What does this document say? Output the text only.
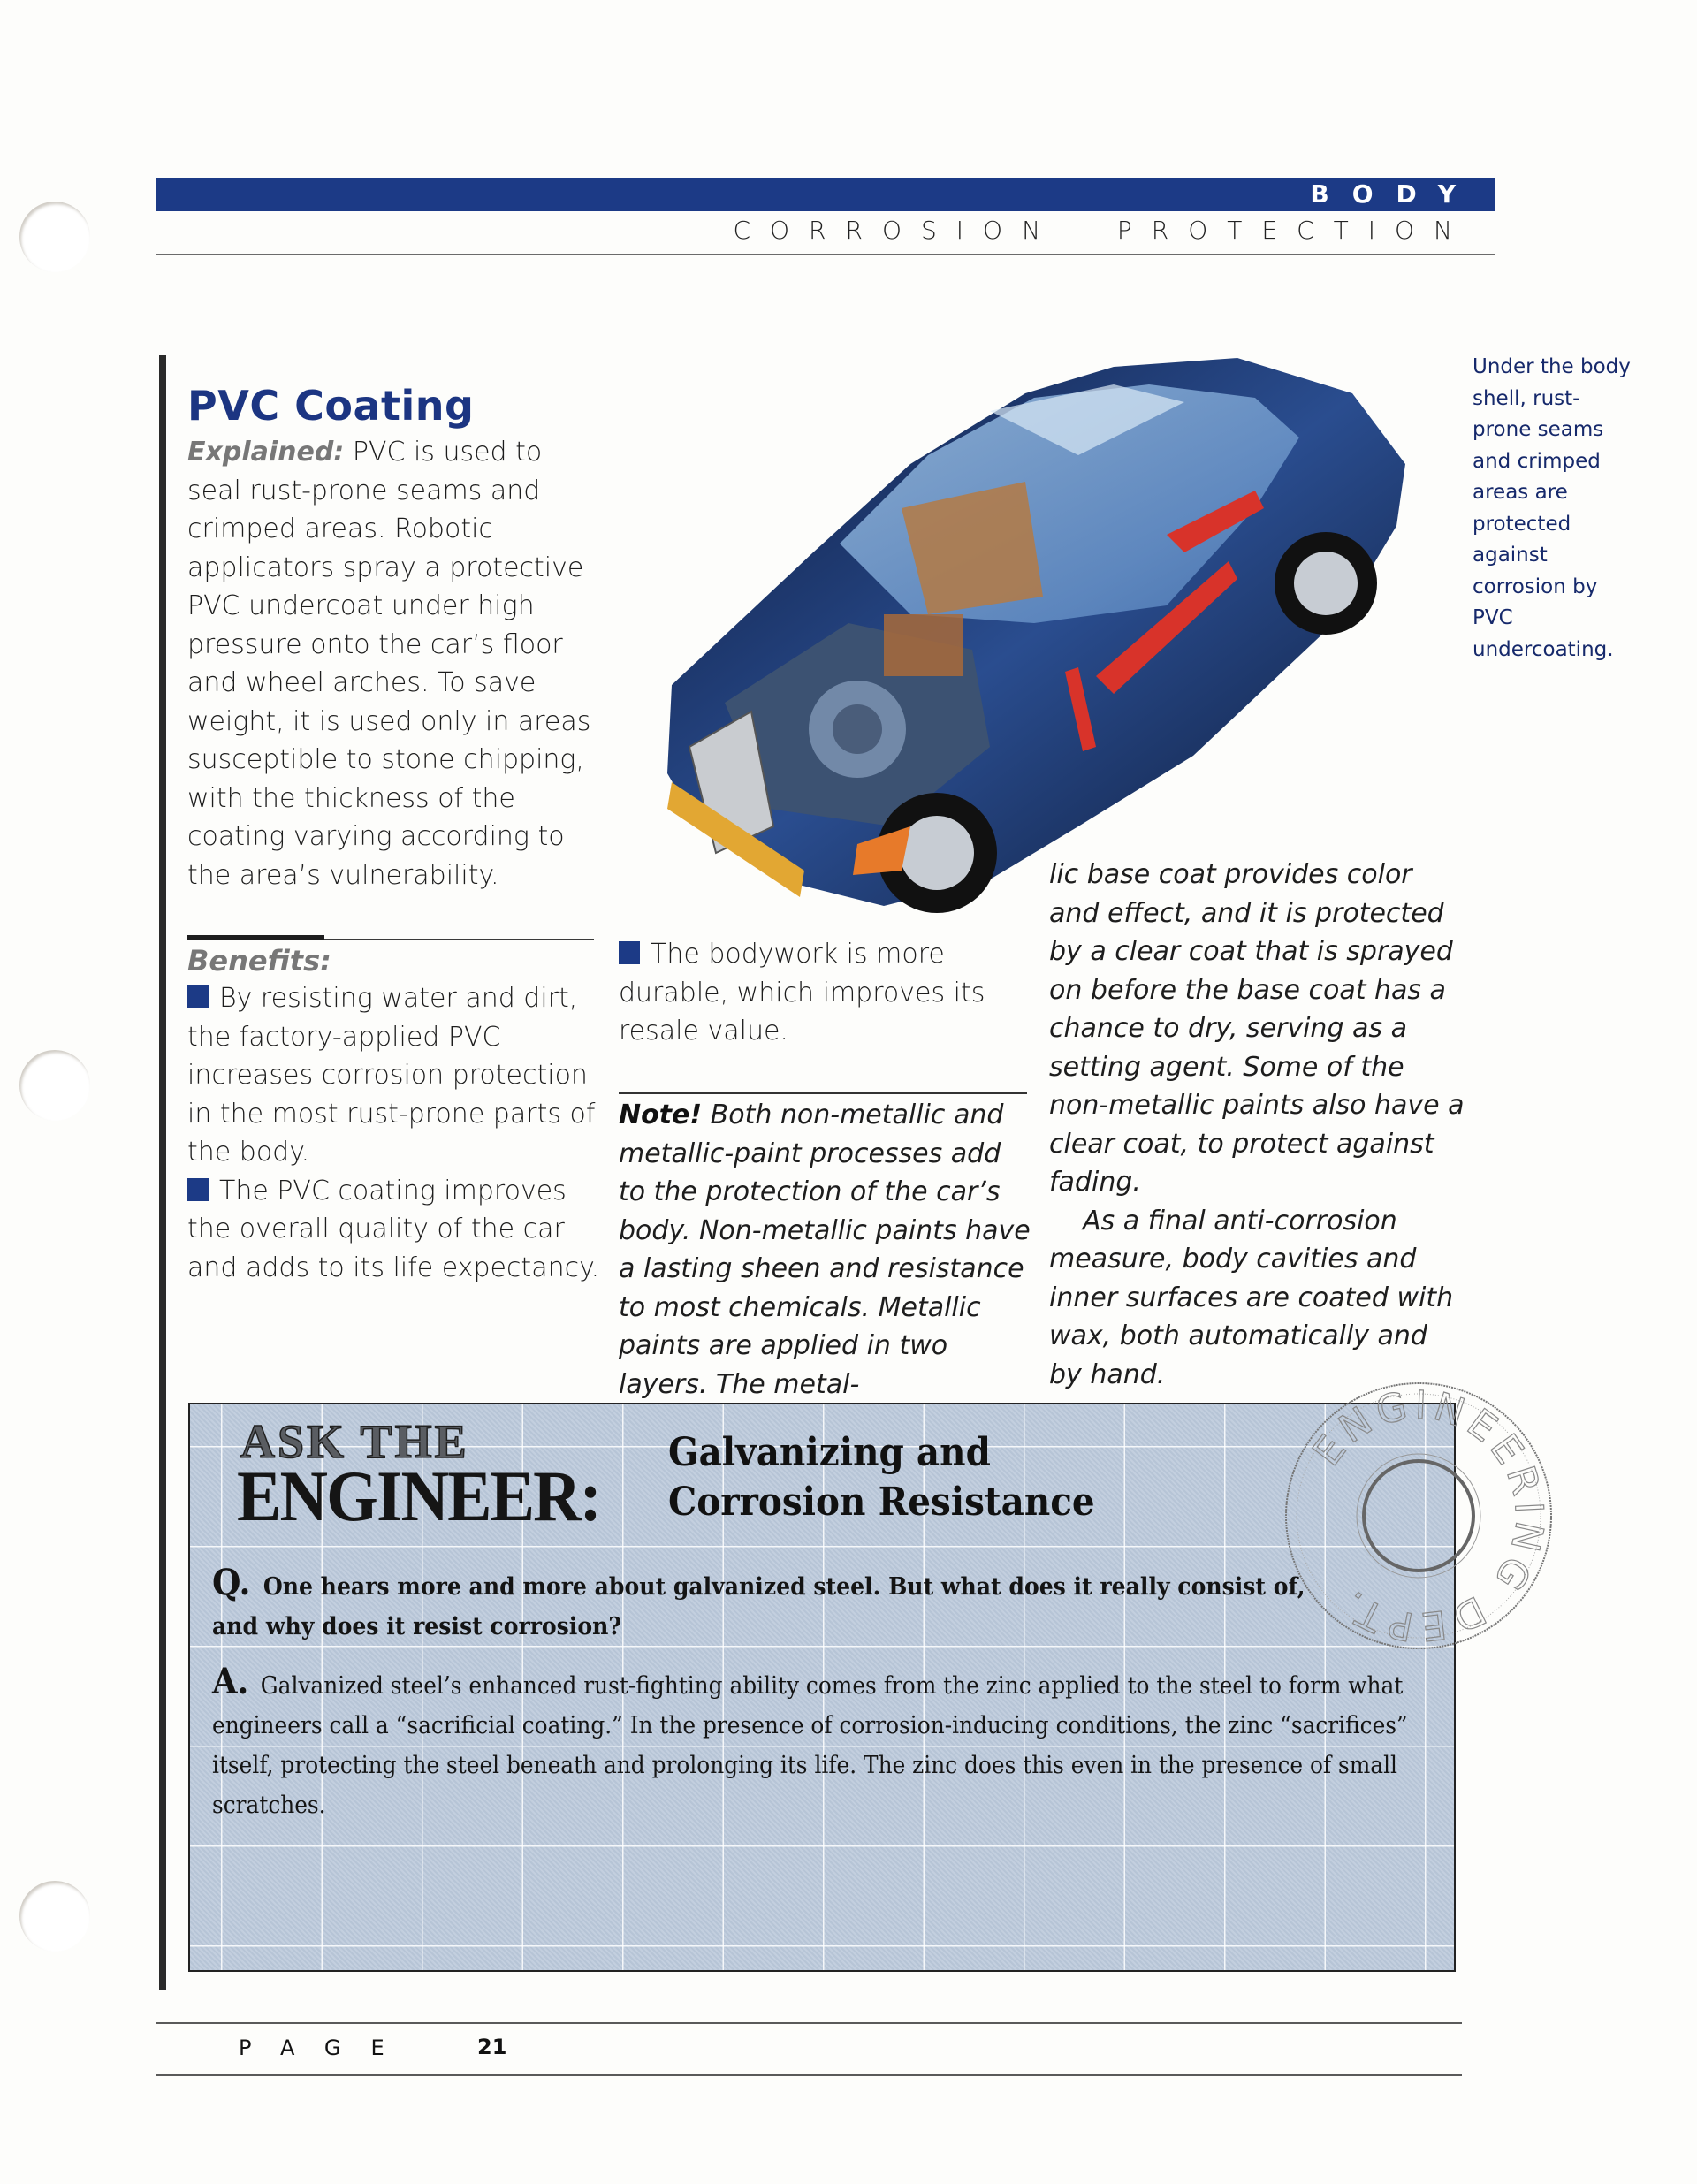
BODY
CORROSION PROTECTION
PVC Coating
Explained: PVC is used to seal rust-prone seams and crimped areas. Robotic applicators spray a protective PVC undercoat under high pressure onto the car’s floor and wheel arches. To save weight, it is used only in areas susceptible to stone chipping, with the thickness of the coating varying according to the area’s vulnerability.
Benefits:
By resisting water and dirt, the factory-applied PVC increases corrosion protection in the most rust-prone parts of the body.
The PVC coating improves the overall quality of the car and adds to its life expectancy.
The bodywork is more durable, which improves its resale value.
Note! Both non-metallic and metallic-paint processes add to the protection of the car’s body. Non-metallic paints have a lasting sheen and resistance to most chemicals. Metallic paints are applied in two layers. The metal-
lic base coat provides color and effect, and it is protected by a clear coat that is sprayed on before the base coat has a chance to dry, serving as a setting agent. Some of the non-metallic paints also have a clear coat, to protect against fading.
As a final anti-corrosion measure, body cavities and inner surfaces are coated with wax, both automatically and by hand.
Under the body shell, rust-prone seams and crimped areas are protected against corrosion by PVC undercoating.
ASK THE
ENGINEER:
Galvanizing and Corrosion Resistance
Q. One hears more and more about galvanized steel. But what does it really consist of, and why does it resist corrosion?
A. Galvanized steel’s enhanced rust-fighting ability comes from the zinc applied to the steel to form what engineers call a “sacrificial coating.” In the presence of corrosion-inducing conditions, the zinc “sacrifices” itself, protecting the steel beneath and prolonging its life. The zinc does this even in the presence of small scratches.
ENGINEERING DEPT.
PAGE	21
